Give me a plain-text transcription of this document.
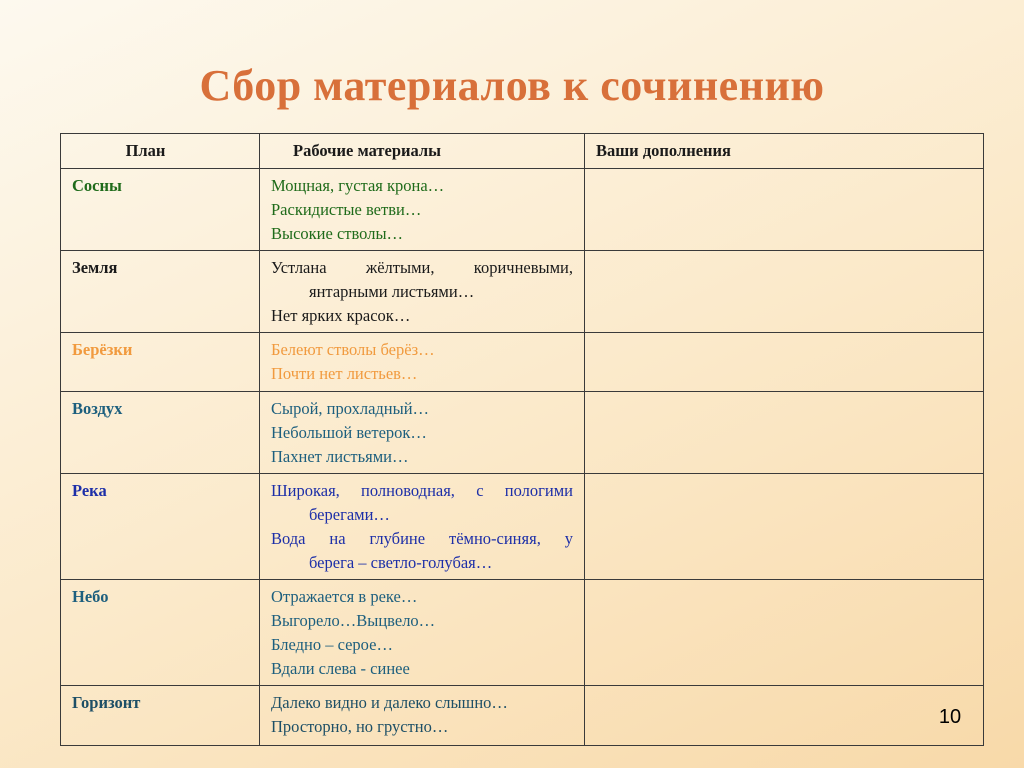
Сбор материалов к сочинению
План	Рабочие материалы	Ваши дополнения
Сосны	Мощная, густая крона…
Раскидистые ветви…
Высокие стволы…	

Земля	Устлана жёлтыми, коричневыми,
янтарными листьями…
Нет ярких красок…	

Берёзки	Белеют стволы берёз…
Почти нет листьев…	

Воздух	Сырой, прохладный…
Небольшой ветерок…
Пахнет листьями…	

Река	Широкая, полноводная, с пологими
берегами…
Вода на глубине тёмно-синяя, у
берега – светло-голубая…	

Небо	Отражается в реке…
Выгорело…Выцвело…
Бледно – серое…
Вдали слева - синее	

Горизонт	Далеко видно и далеко слышно…
Просторно, но грустно…	
		10
